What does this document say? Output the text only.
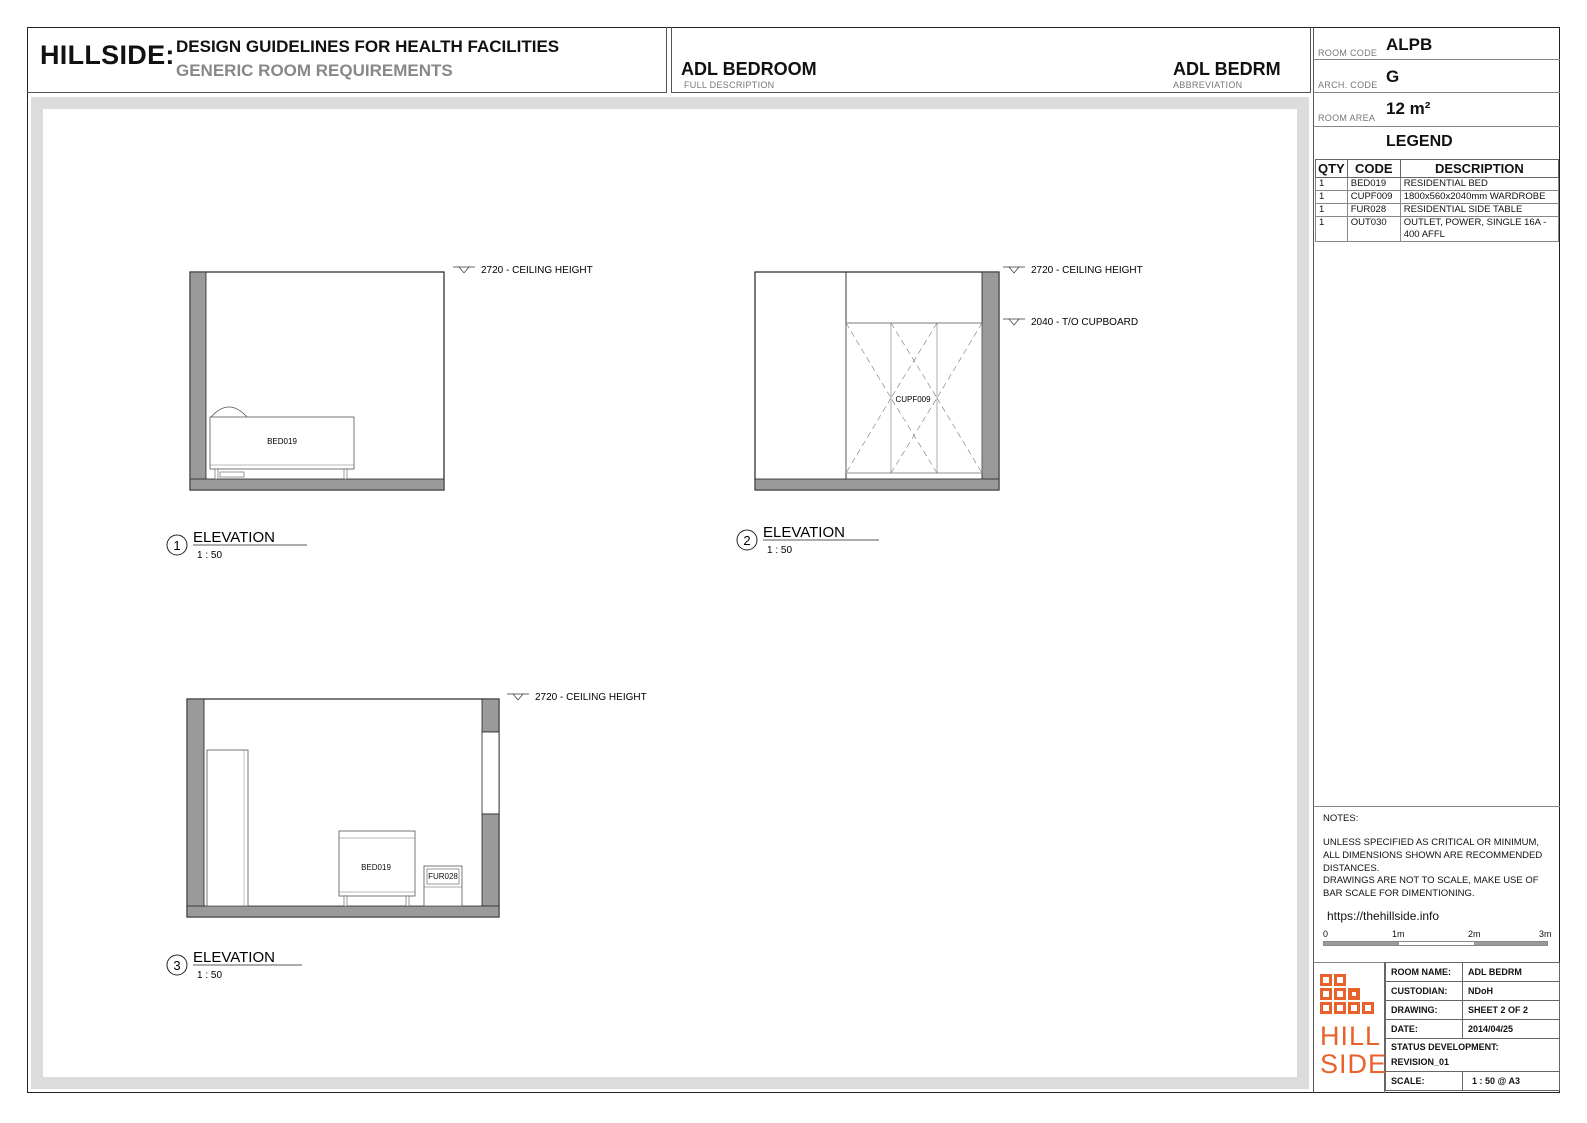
HILLSIDE: DESIGN GUIDELINES FOR HEALTH FACILITIES
GENERIC ROOM REQUIREMENTS	ADL BEDROOM
FULL DESCRIPTION
ADL BEDRM
ABBREVIATION
BED019
2720 - CEILING HEIGHT
1 ELEVATION
1 : 50
CUPF009
2720 - CEILING HEIGHT
2040 - T/O CUPBOARD
2 ELEVATION
1 : 50
BED019
FUR028
2720 - CEILING HEIGHT
3 ELEVATION
1 : 50
ROOM CODE ALPB
ARCH. CODE G
ROOM AREA 12 m²
LEGEND
QTY	CODE	DESCRIPTION
1	BED019	RESIDENTIAL BED
1	CUPF009	1800x560x2040mm WARDROBE
1	FUR028	RESIDENTIAL SIDE TABLE
1	OUT030	OUTLET, POWER, SINGLE 16A - 400 AFFL
NOTES:
UNLESS SPECIFIED AS CRITICAL OR MINIMUM, ALL DIMENSIONS SHOWN ARE RECOMMENDED DISTANCES.
DRAWINGS ARE NOT TO SCALE, MAKE USE OF BAR SCALE FOR DIMENTIONING.
https://thehillside.info
0	1m	2m	3m
HILL
SIDE
ROOM NAME:	ADL BEDRM
CUSTODIAN:	NDoH
DRAWING:	SHEET 2 OF 2
DATE:	2014/04/25

STATUS DEVELOPMENT:
REVISION_01	

SCALE:	1 : 50 @ A3
